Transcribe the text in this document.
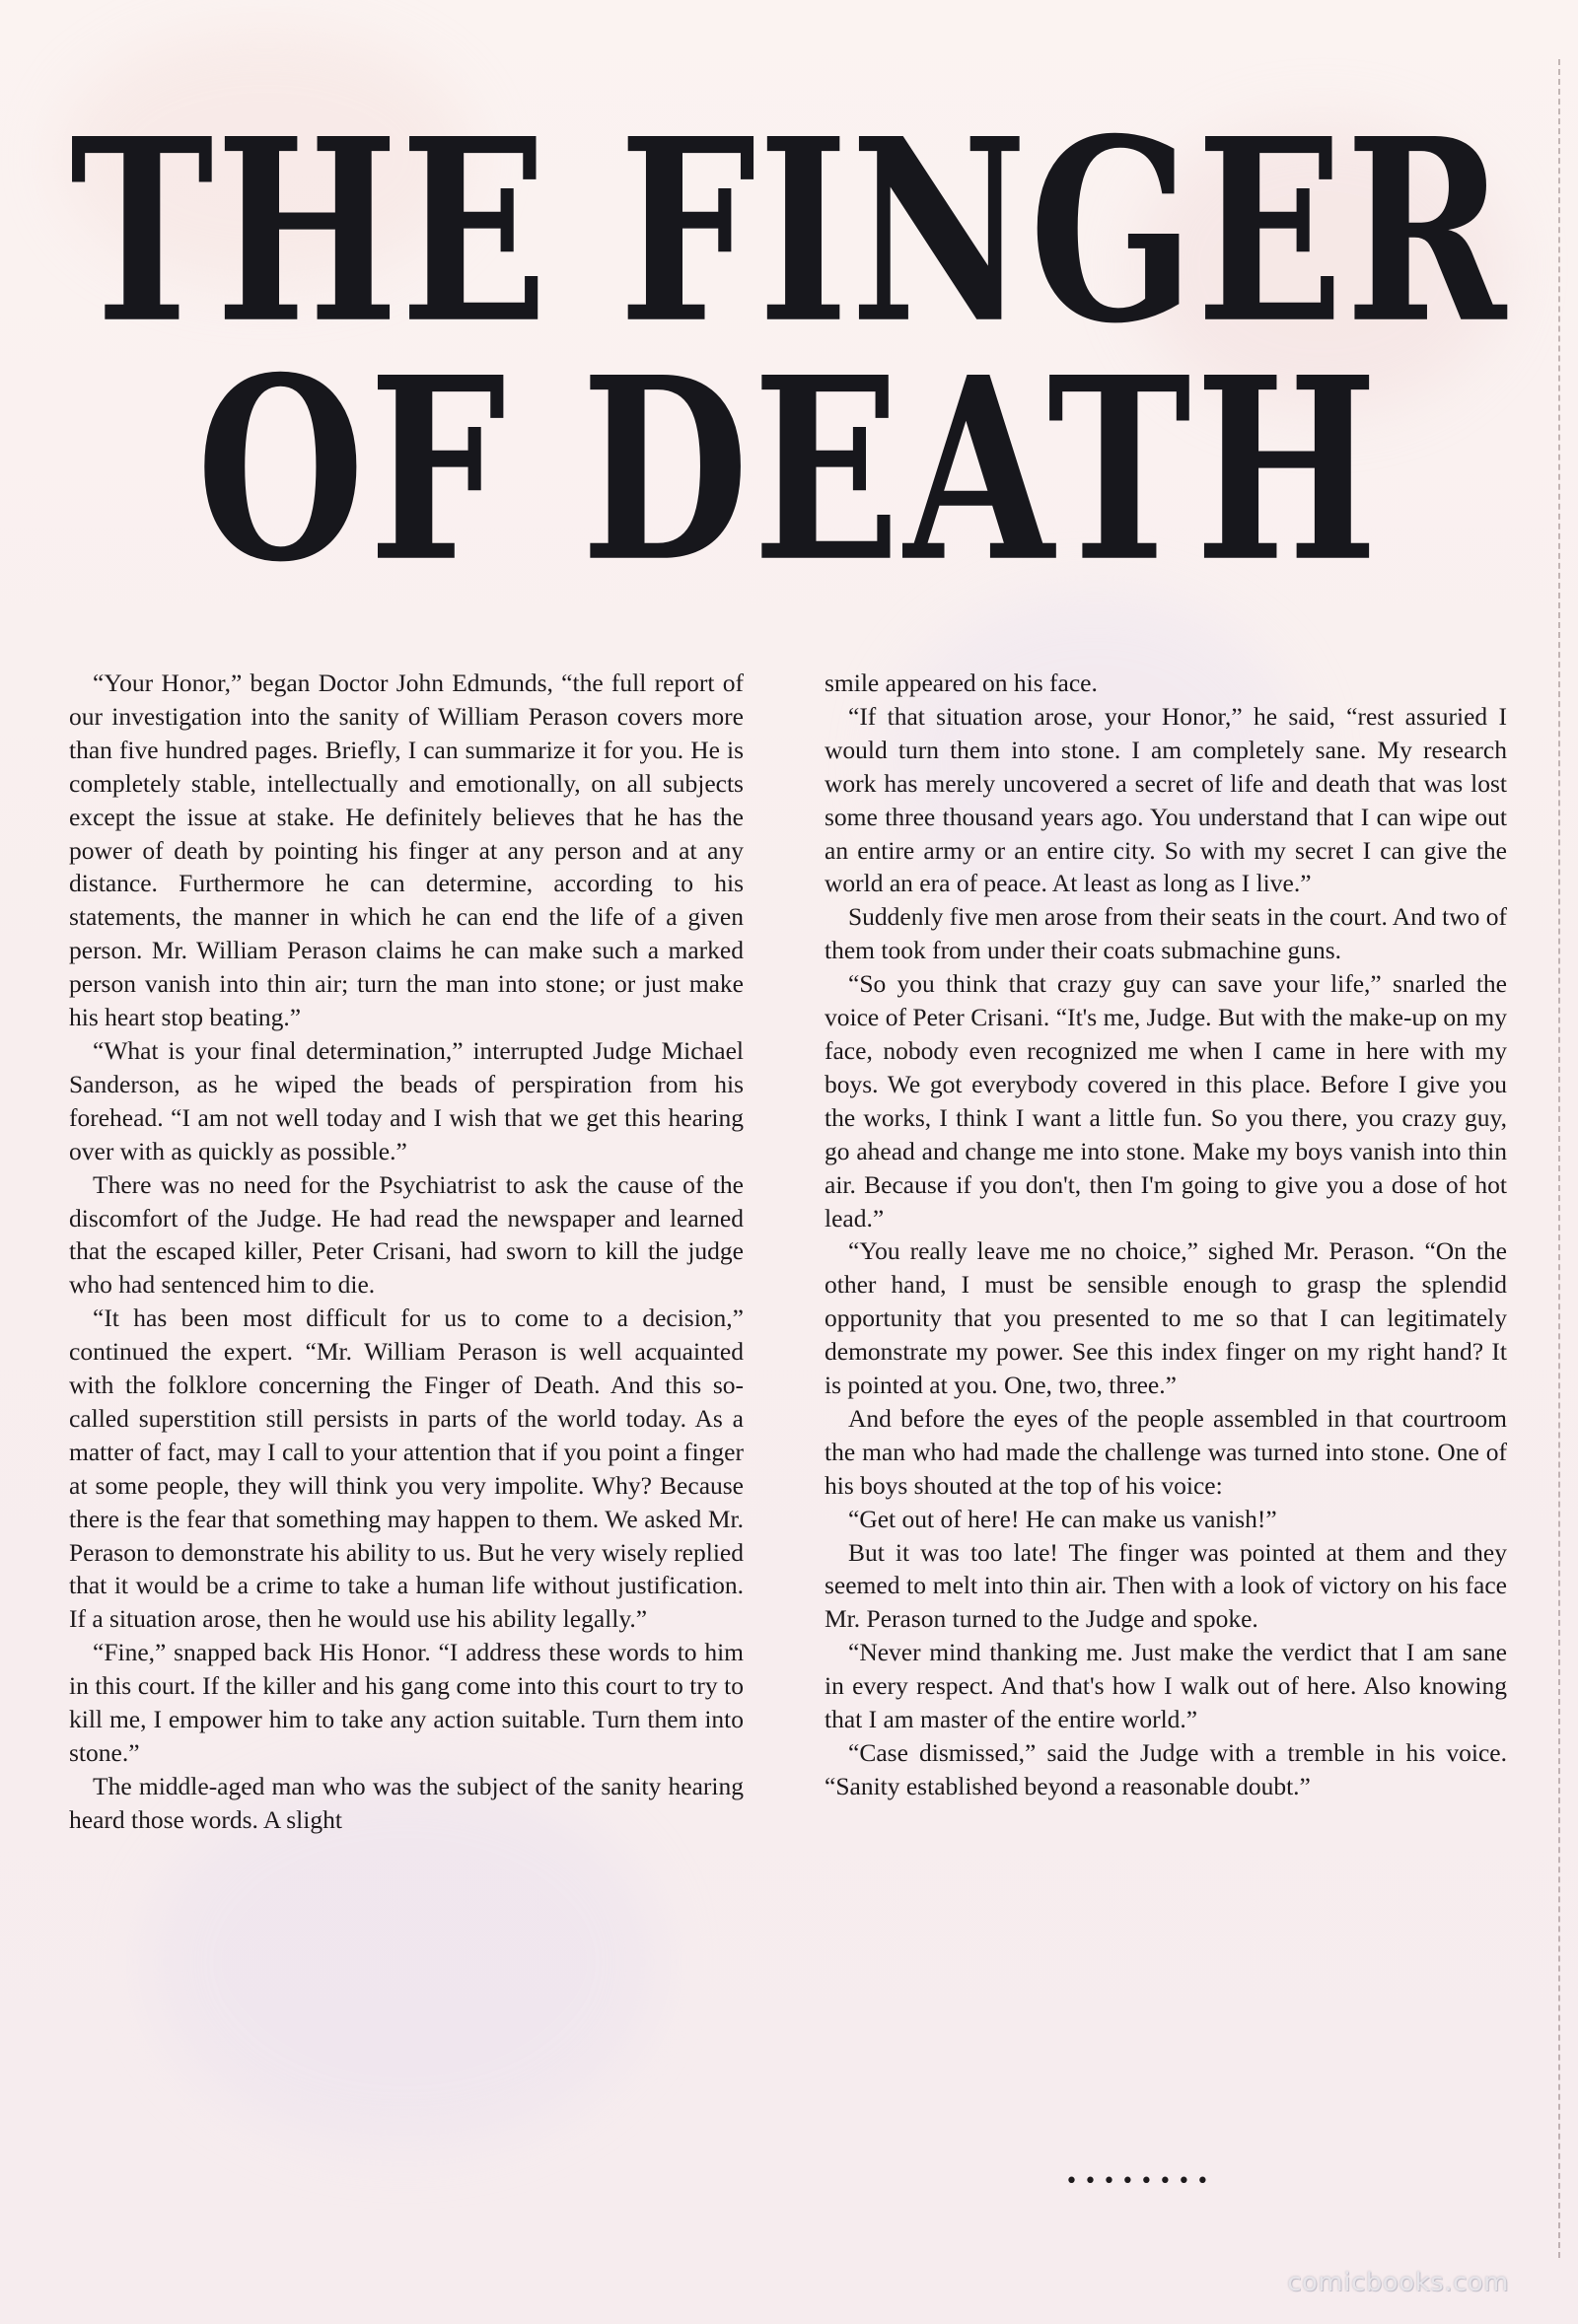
THE FINGER
OF DEATH

“Your Honor,” began Doctor John Edmunds, “the full report of our investigation into the sanity of William Perason covers more than five hundred pages. Briefly, I can summarize it for you. He is completely stable, intellectually and emotionally, on all subjects except the issue at stake. He definitely believes that he has the power of death by pointing his finger at any person and at any distance. Furthermore he can determine, according to his statements, the manner in which he can end the life of a given person. Mr. William Perason claims he can make such a marked person vanish into thin air; turn the man into stone; or just make his heart stop beating.”

“What is your final determination,” interrupted Judge Michael Sanderson, as he wiped the beads of perspiration from his forehead. “I am not well today and I wish that we get this hearing over with as quickly as possible.”

There was no need for the Psychiatrist to ask the cause of the discomfort of the Judge. He had read the newspaper and learned that the escaped killer, Peter Crisani, had sworn to kill the judge who had sentenced him to die.

“It has been most difficult for us to come to a decision,” continued the expert. “Mr. William Perason is well acquainted with the folklore concerning the Finger of Death. And this so-called superstition still persists in parts of the world today. As a matter of fact, may I call to your attention that if you point a finger at some people, they will think you very impolite. Why? Because there is the fear that something may happen to them. We asked Mr. Perason to demonstrate his ability to us. But he very wisely replied that it would be a crime to take a human life without justification. If a situation arose, then he would use his ability legally.”

“Fine,” snapped back His Honor. “I address these words to him in this court. If the killer and his gang come into this court to try to kill me, I empower him to take any action suitable. Turn them into stone.”

The middle-aged man who was the subject of the sanity hearing heard those words. A slight

smile appeared on his face.

“If that situation arose, your Honor,” he said, “rest assuried I would turn them into stone. I am completely sane. My research work has merely uncovered a secret of life and death that was lost some three thousand years ago. You understand that I can wipe out an entire army or an entire city. So with my secret I can give the world an era of peace. At least as long as I live.”

Suddenly five men arose from their seats in the court. And two of them took from under their coats submachine guns.

“So you think that crazy guy can save your life,” snarled the voice of Peter Crisani. “It's me, Judge. But with the make-up on my face, nobody even recognized me when I came in here with my boys. We got everybody covered in this place. Before I give you the works, I think I want a little fun. So you there, you crazy guy, go ahead and change me into stone. Make my boys vanish into thin air. Because if you don't, then I'm going to give you a dose of hot lead.”

“You really leave me no choice,” sighed Mr. Perason. “On the other hand, I must be sensible enough to grasp the splendid opportunity that you presented to me so that I can legitimately demonstrate my power. See this index finger on my right hand? It is pointed at you. One, two, three.”

And before the eyes of the people assembled in that courtroom the man who had made the challenge was turned into stone. One of his boys shouted at the top of his voice:

“Get out of here! He can make us vanish!”

But it was too late! The finger was pointed at them and they seemed to melt into thin air. Then with a look of victory on his face Mr. Perason turned to the Judge and spoke.

“Never mind thanking me. Just make the verdict that I am sane in every respect. And that's how I walk out of here. Also knowing that I am master of the entire world.”

“Case dismissed,” said the Judge with a tremble in his voice. “Sanity established beyond a reasonable doubt.”

••••••••
comicbooks.com
